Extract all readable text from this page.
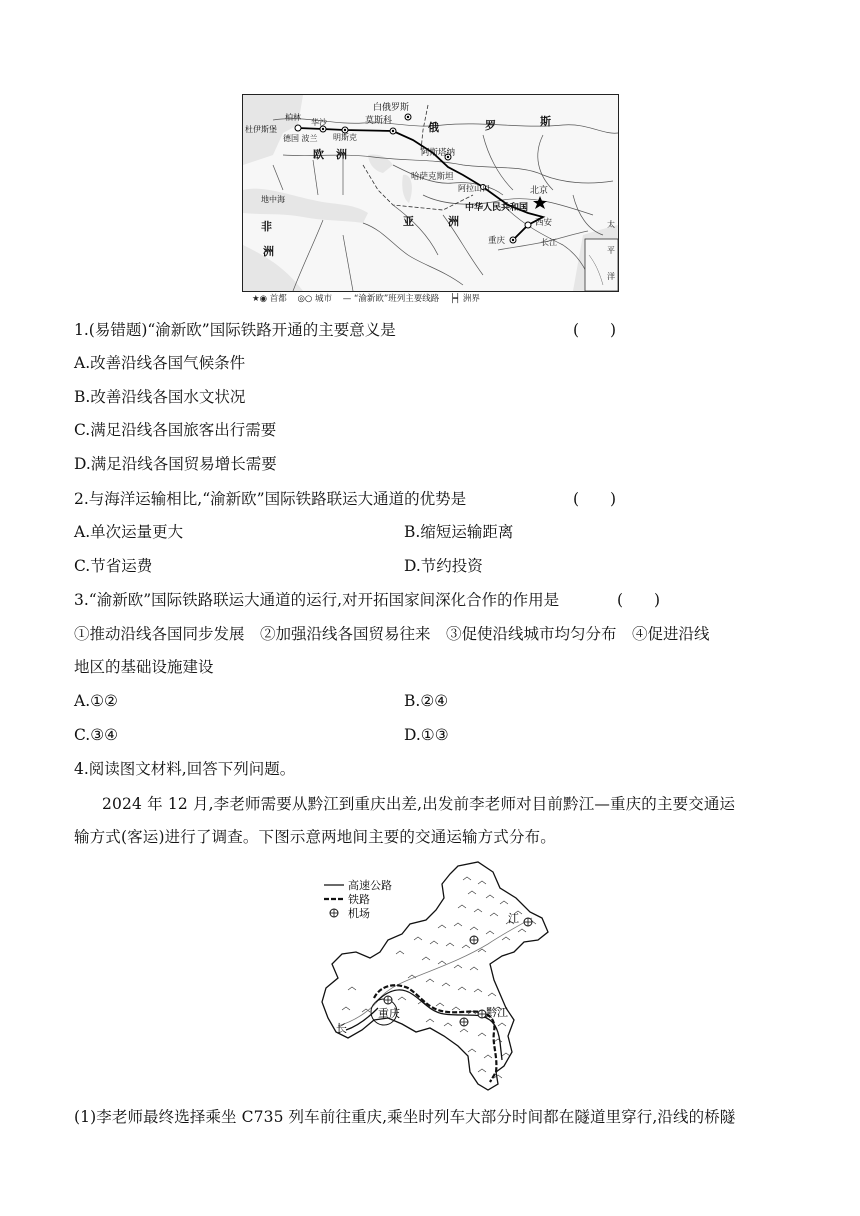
白俄罗斯
莫斯科
柏林
华沙
明斯克
德国 波兰
杜伊斯堡	俄	罗	斯
欧 洲	阿斯塔纳
哈萨克斯坦
阿拉山口	北京
中华人民共和国
地中海
非
洲
亚	洲	西安
重庆	长江
太
平
洋
★◉ 首都 ◎○ 城市 — “渝新欧”班列主要线路 ┝┥ 洲界
1.(易错题)“渝新欧”国际铁路开通的主要意义是	(　　)
A.改善沿线各国气候条件
B.改善沿线各国水文状况
C.满足沿线各国旅客出行需要
D.满足沿线各国贸易增长需要
2.与海洋运输相比,“渝新欧”国际铁路联运大通道的优势是	(　　)
A.单次运量更大	B.缩短运输距离
C.节省运费	D.节约投资
3.“渝新欧”国际铁路联运大通道的运行,对开拓国家间深化合作的作用是	(　　)
①推动沿线各国同步发展　②加强沿线各国贸易往来　③促使沿线城市均匀分布　④促进沿线
地区的基础设施建设
A.①②	B.②④
C.③④	D.①③
4.阅读图文材料,回答下列问题。
2024 年 12 月,李老师需要从黔江到重庆出差,出发前李老师对目前黔江—重庆的主要交通运
输方式(客运)进行了调查。下图示意两地间主要的交通运输方式分布。
高速公路
铁路
机场
重庆	黔江
江
长
(1)李老师最终选择乘坐 C735 列车前往重庆,乘坐时列车大部分时间都在隧道里穿行,沿线的桥隧
